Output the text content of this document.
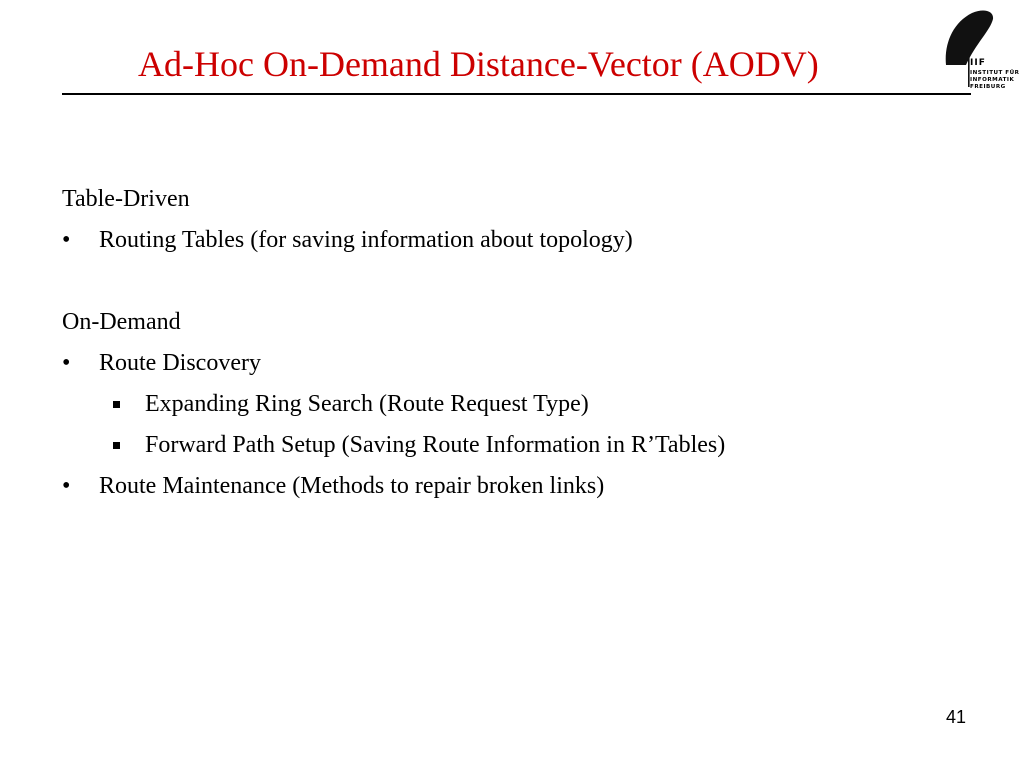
Ad-Hoc On-Demand Distance-Vector (AODV)	IIF
INSTITUT FÜR
INFORMATIK
FREIBURG
Table-Driven
• Routing Tables (for saving information about topology)
On-Demand
• Route Discovery
Expanding Ring Search (Route Request Type)
Forward Path Setup (Saving Route Information in R’Tables)
• Route Maintenance (Methods to repair broken links)
41
